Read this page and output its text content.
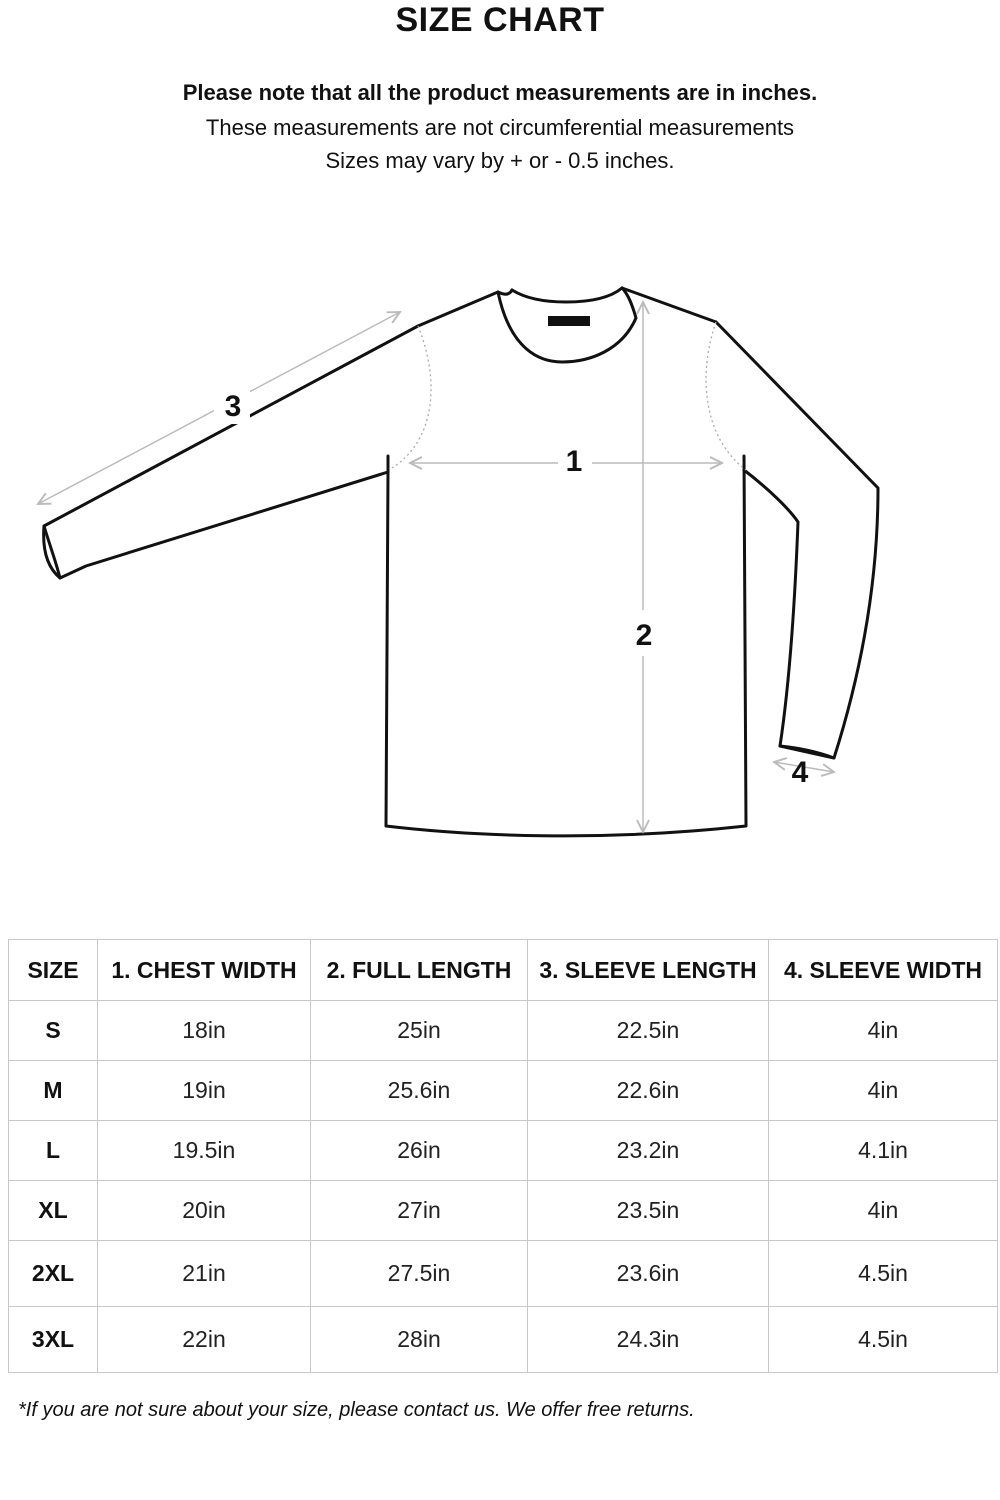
SIZE CHART
Please note that all the product measurements are in inches.
These measurements are not circumferential measurements
Sizes may vary by + or - 0.5 inches.
3
1
2
4
SIZE	1. CHEST WIDTH	2. FULL LENGTH	3. SLEEVE LENGTH	4. SLEEVE WIDTH
S	18in	25in	22.5in	4in
M	19in	25.6in	22.6in	4in
L	19.5in	26in	23.2in	4.1in
XL	20in	27in	23.5in	4in
2XL	21in	27.5in	23.6in	4.5in
3XL	22in	28in	24.3in	4.5in
*If you are not sure about your size, please contact us. We offer free returns.
